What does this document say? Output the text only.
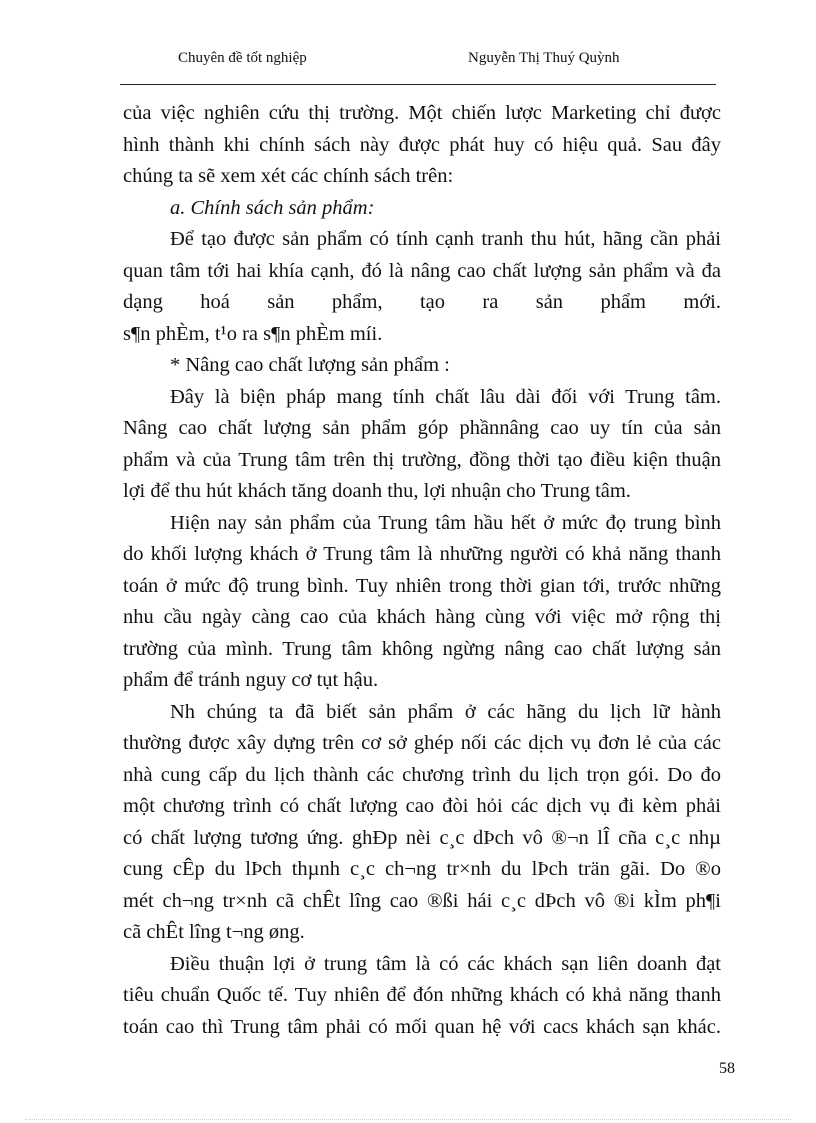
Chuyên đề tốt nghiệp	Nguyễn Thị Thuý Quỳnh
của việc nghiên cứu thị trường. Một chiến lược Marketing chỉ được
hình thành khi chính sách này được phát huy có hiệu quả. Sau đây
chúng ta sẽ xem xét các chính sách trên:
a. Chính sách sản phẩm:
Để tạo được sản phẩm có tính cạnh tranh thu hút, hãng cần phải
quan tâm tới hai khía cạnh, đó là nâng cao chất lượng sản phẩm và đa
dạng hoá sản phẩm, tạo ra sản phẩm mới.
s¶n phÈm, t¹o ra s¶n phÈm míi.
* Nâng cao chất lượng sản phẩm :
Đây là biện pháp mang tính chất lâu dài đối với Trung tâm.
Nâng cao chất lượng sản phẩm góp phầnnâng cao uy tín của sản
phẩm và của Trung tâm trên thị trường, đồng thời tạo điều kiện thuận
lợi để thu hút khách tăng doanh thu, lợi nhuận cho Trung tâm.
Hiện nay sản phẩm của Trung tâm hầu hết ở mức đọ trung bình
do khối lượng khách ở Trung tâm là nhưững người có khả năng thanh
toán ở mức độ trung bình. Tuy nhiên trong thời gian tới, trước những
nhu cầu ngày càng cao của khách hàng cùng với việc mở rộng thị
trường của mình. Trung tâm không ngừng nâng cao chất lượng sản
phẩm để tránh nguy cơ tụt hậu.
Nh chúng ta đã biết sản phẩm ở các hãng du lịch lữ hành
thường được xây dựng trên cơ sở ghép nối các dịch vụ đơn lẻ của các
nhà cung cấp du lịch thành các chương trình du lịch trọn gói. Do đo
một chương trình có chất lượng cao đòi hỏi các dịch vụ đi kèm phải
có chất lượng tương ứng. ghÐp nèi c¸c dÞch vô ®¬n lÎ cña c¸c nhµ
cung cÊp du lÞch thµnh c¸c ch¬ng tr×nh du lÞch trän gãi. Do ®o
mét ch¬ng tr×nh cã chÊt lîng cao ®ßi hái c¸c dÞch vô ®i kÌm ph¶i
cã chÊt lîng t¬ng øng.
Điều thuận lợi ở trung tâm là có các khách sạn liên doanh đạt
tiêu chuẩn Quốc tế. Tuy nhiên để đón những khách có khả năng thanh
toán cao thì Trung tâm phải có mối quan hệ với cacs khách sạn khác.
58
